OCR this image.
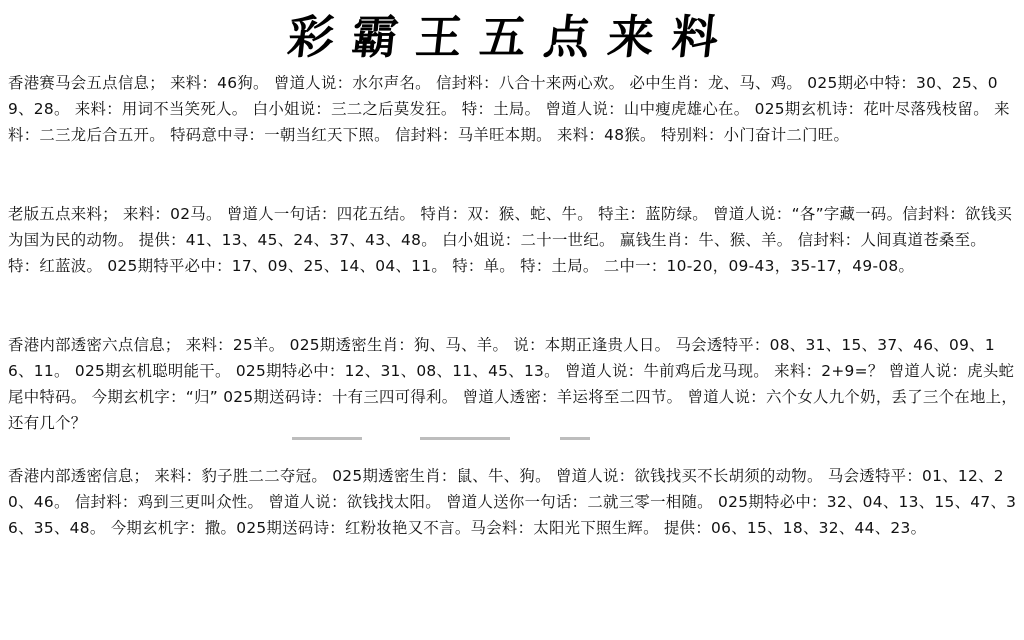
彩霸王五点来料
香港赛马会五点信息； 来料：46狗。 曾道人说：水尔声名。 信封料：八合十来两心欢。 必中生肖：龙、马、鸡。 025期必中特：30、25、09、28。 来料：用词不当笑死人。 白小姐说：三二之后莫发狂。 特：土局。 曾道人说：山中瘦虎雄心在。 025期玄机诗：花叶尽落残枝留。 来料：二三龙后合五开。 特码意中寻：一朝当红天下照。 信封料：马羊旺本期。 来料：48猴。 特别料：小门奋计二门旺。
老版五点来料； 来料：02马。 曾道人一句话：四花五结。 特肖：双：猴、蛇、牛。 特主：蓝防绿。 曾道人说：“各”字藏一码。信封料：欲钱买为国为民的动物。 提供：41、13、45、24、37、43、48。 白小姐说：二十一世纪。 赢钱生肖：牛、猴、羊。 信封料：人间真道苍桑至。 特：红蓝波。 025期特平必中：17、09、25、14、04、11。 特：单。 特：土局。 二中一：10-20，09-43，35-17，49-08。
香港内部透密六点信息； 来料：25羊。 025期透密生肖：狗、马、羊。 说：本期正逢贵人日。 马会透特平：08、31、15、37、46、09、16、11。 025期玄机聪明能干。 025期特必中：12、31、08、11、45、13。 曾道人说：牛前鸡后龙马现。 来料：2+9=？ 曾道人说：虎头蛇尾中特码。 今期玄机字：“归” 025期送码诗：十有三四可得利。 曾道人透密：羊运将至二四节。 曾道人说：六个女人九个奶，丢了三个在地上，还有几个？
香港内部透密信息； 来料：豹子胜二二夺冠。 025期透密生肖：鼠、牛、狗。 曾道人说：欲钱找买不长胡须的动物。 马会透特平：01、12、20、46。 信封料：鸡到三更叫众性。 曾道人说：欲钱找太阳。 曾道人送你一句话：二就三零一相随。 025期特必中：32、04、13、15、47、36、35、48。 今期玄机字：撒。025期送码诗：红粉妆艳又不言。马会料：太阳光下照生辉。 提供：06、15、18、32、44、23。
